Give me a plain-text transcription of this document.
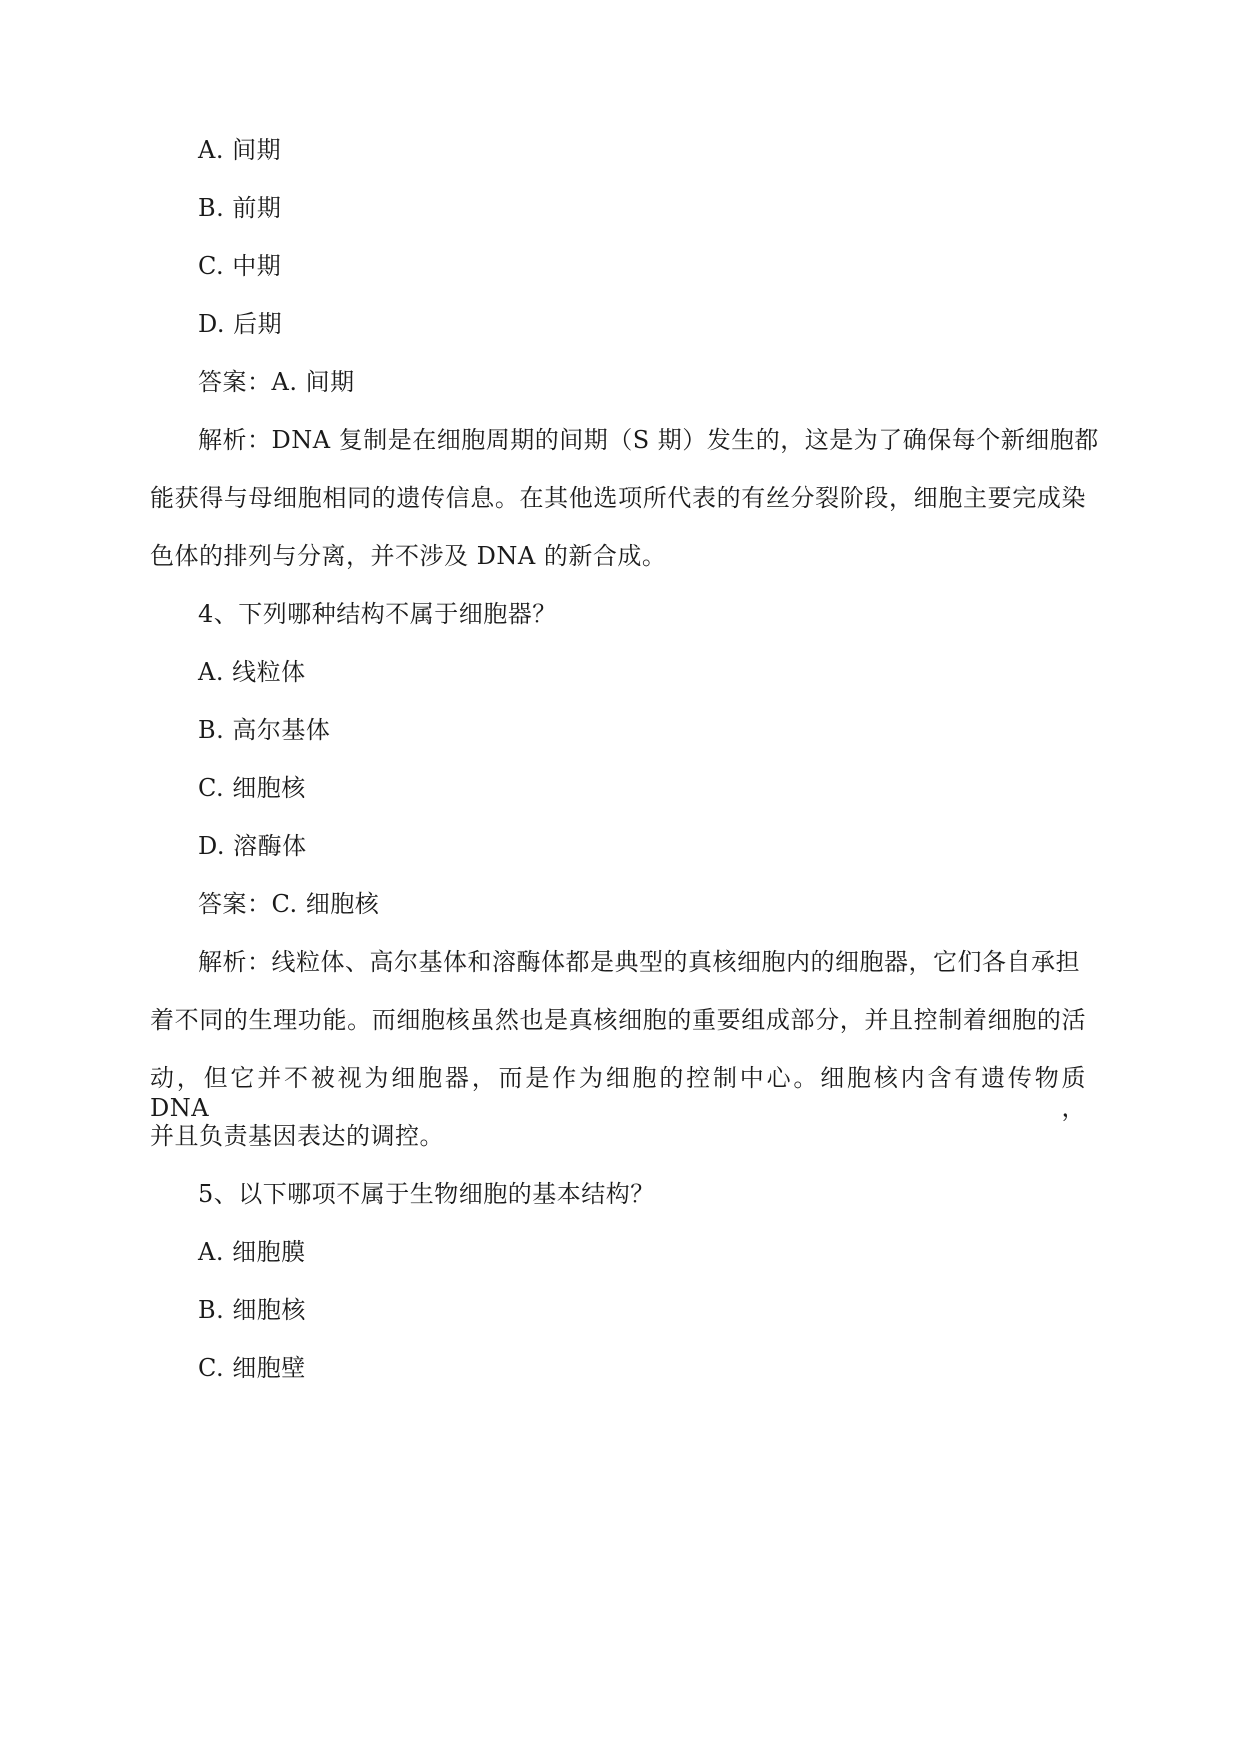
A. 间期
B. 前期
C. 中期
D. 后期
答案：A. 间期
解析：DNA 复制是在细胞周期的间期（S 期）发生的，这是为了确保每个新细胞都
能获得与母细胞相同的遗传信息。在其他选项所代表的有丝分裂阶段，细胞主要完成染
色体的排列与分离，并不涉及 DNA 的新合成。
4、下列哪种结构不属于细胞器？
A. 线粒体
B. 高尔基体
C. 细胞核
D. 溶酶体
答案：C. 细胞核
解析：线粒体、高尔基体和溶酶体都是典型的真核细胞内的细胞器，它们各自承担
着不同的生理功能。而细胞核虽然也是真核细胞的重要组成部分，并且控制着细胞的活
动，但它并不被视为细胞器，而是作为细胞的控制中心。细胞核内含有遗传物质 DNA，
并且负责基因表达的调控。
5、以下哪项不属于生物细胞的基本结构？
A. 细胞膜
B. 细胞核
C. 细胞壁
